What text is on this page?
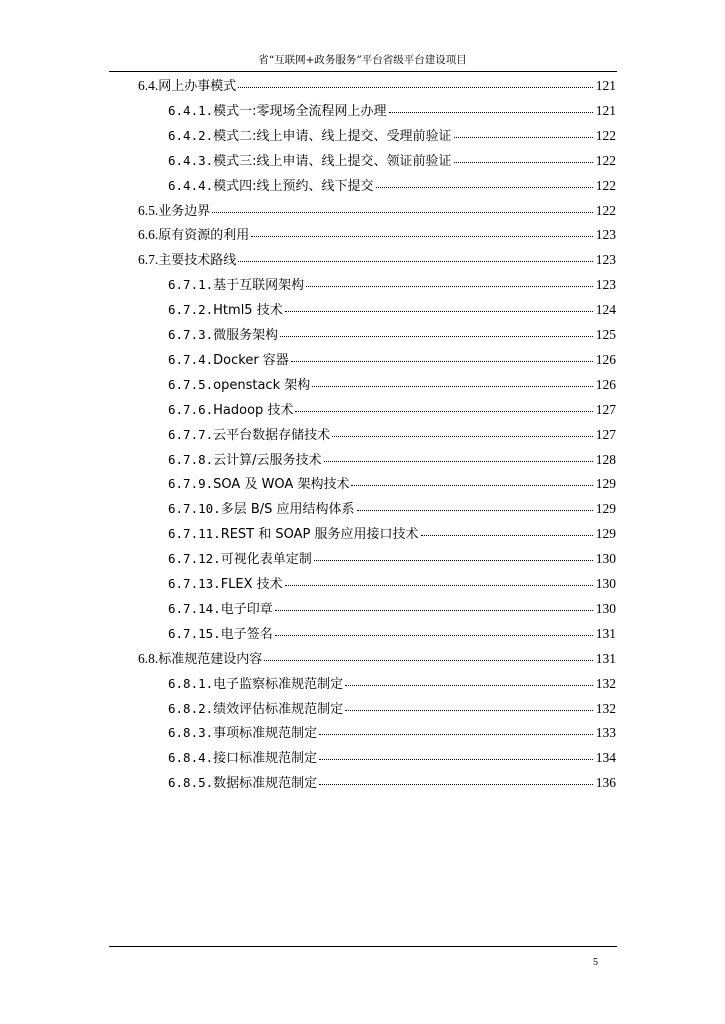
省“互联网+政务服务”平台省级平台建设项目
6.4. 网上办事模式	121
6.4.1. 模式一:零现场全流程网上办理	121
6.4.2. 模式二:线上申请、线上提交、受理前验证	122
6.4.3. 模式三:线上申请、线上提交、领证前验证	122
6.4.4. 模式四:线上预约、线下提交	122
6.5. 业务边界	122
6.6. 原有资源的利用	123
6.7. 主要技术路线	123
6.7.1. 基于互联网架构	123
6.7.2. Html5 技术	124
6.7.3. 微服务架构	125
6.7.4. Docker 容器	126
6.7.5. openstack 架构	126
6.7.6. Hadoop 技术	127
6.7.7. 云平台数据存储技术	127
6.7.8. 云计算/云服务技术	128
6.7.9. SOA 及 WOA 架构技术	129
6.7.10. 多层 B/S 应用结构体系	129
6.7.11. REST 和 SOAP 服务应用接口技术	129
6.7.12. 可视化表单定制	130
6.7.13. FLEX 技术	130
6.7.14. 电子印章	130
6.7.15. 电子签名	131
6.8. 标准规范建设内容	131
6.8.1. 电子监察标准规范制定	132
6.8.2. 绩效评估标准规范制定	132
6.8.3. 事项标准规范制定	133
6.8.4. 接口标准规范制定	134
6.8.5. 数据标准规范制定	136
5
